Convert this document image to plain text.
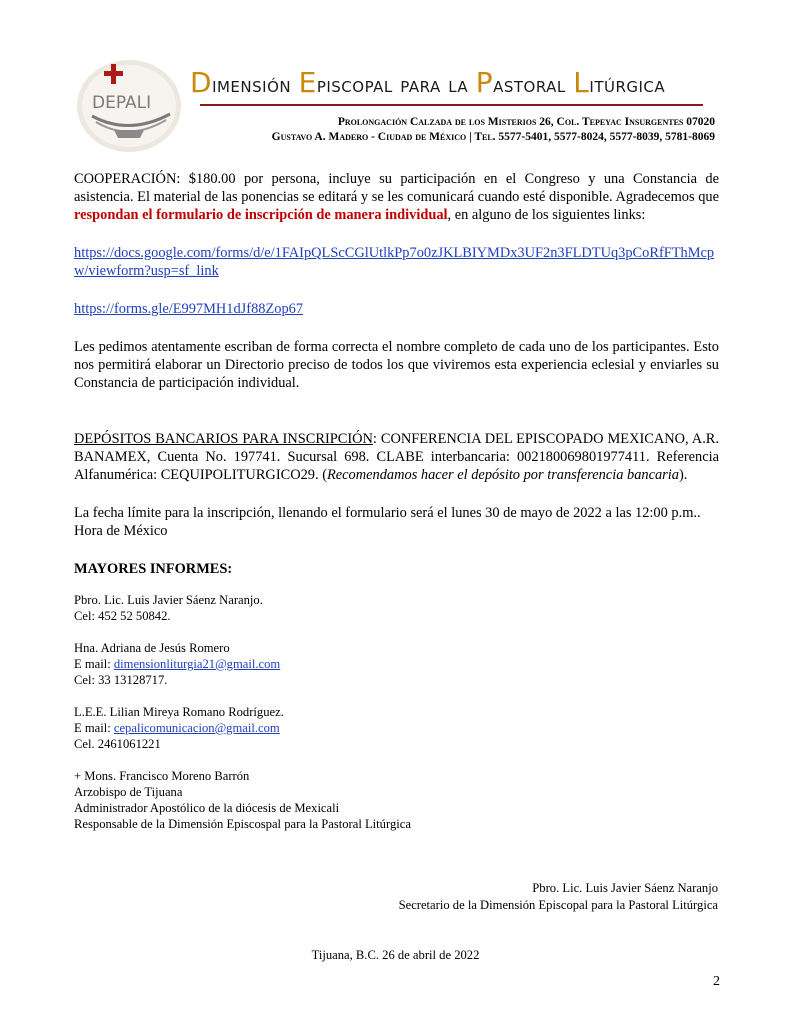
DEPALI
Dimensión Episcopal para la Pastoral Litúrgica
Prolongación Calzada de los Misterios 26, Col. Tepeyac Insurgentes 07020
Gustavo A. Madero - Ciudad de México | Tel. 5577-5401, 5577-8024, 5577-8039, 5781-8069

COOPERACIÓN: $180.00 por persona, incluye su participación en el Congreso y una Constancia de asistencia. El material de las ponencias se editará y se les comunicará cuando esté disponible. Agradecemos que respondan el formulario de inscripción de manera individual, en alguno de los siguientes links:

https://docs.google.com/forms/d/e/1FAIpQLScCGlUtlkPp7o0zJKLBIYMDx3UF2n3FLDTUq3pCoRfFThMcpw/viewform?usp=sf_link

https://forms.gle/E997MH1dJf88Zop67

Les pedimos atentamente escriban de forma correcta el nombre completo de cada uno de los participantes. Esto nos permitirá elaborar un Directorio preciso de todos los que viviremos esta experiencia eclesial y enviarles su Constancia de participación individual.

DEPÓSITOS BANCARIOS PARA INSCRIPCIÓN: CONFERENCIA DEL EPISCOPADO MEXICANO, A.R. BANAMEX, Cuenta No. 197741. Sucursal 698. CLABE interbancaria: 002180069801977411. Referencia Alfanumérica: CEQUIPOLITURGICO29. (Recomendamos hacer el depósito por transferencia bancaria).

La fecha límite para la inscripción, llenando el formulario será el lunes 30 de mayo de 2022 a las 12:00 p.m.. Hora de México

MAYORES INFORMES:

Pbro. Lic. Luis Javier Sáenz Naranjo.
Cel: 452 52 50842.
Hna. Adriana de Jesús Romero
E mail: dimensionliturgia21@gmail.com
Cel: 33 13128717.
L.E.E. Lilian Mireya Romano Rodríguez.
E mail: cepalicomunicacion@gmail.com
Cel. 2461061221
+ Mons. Francisco Moreno Barrón
Arzobispo de Tijuana
Administrador Apostólico de la diócesis de Mexicali
Responsable de la Dimensión Episcospal para la Pastoral Litúrgica
Pbro. Lic. Luis Javier Sáenz Naranjo
Secretario de la Dimensión Episcopal para la Pastoral Litúrgica
Tijuana, B.C. 26 de abril de 2022
2
